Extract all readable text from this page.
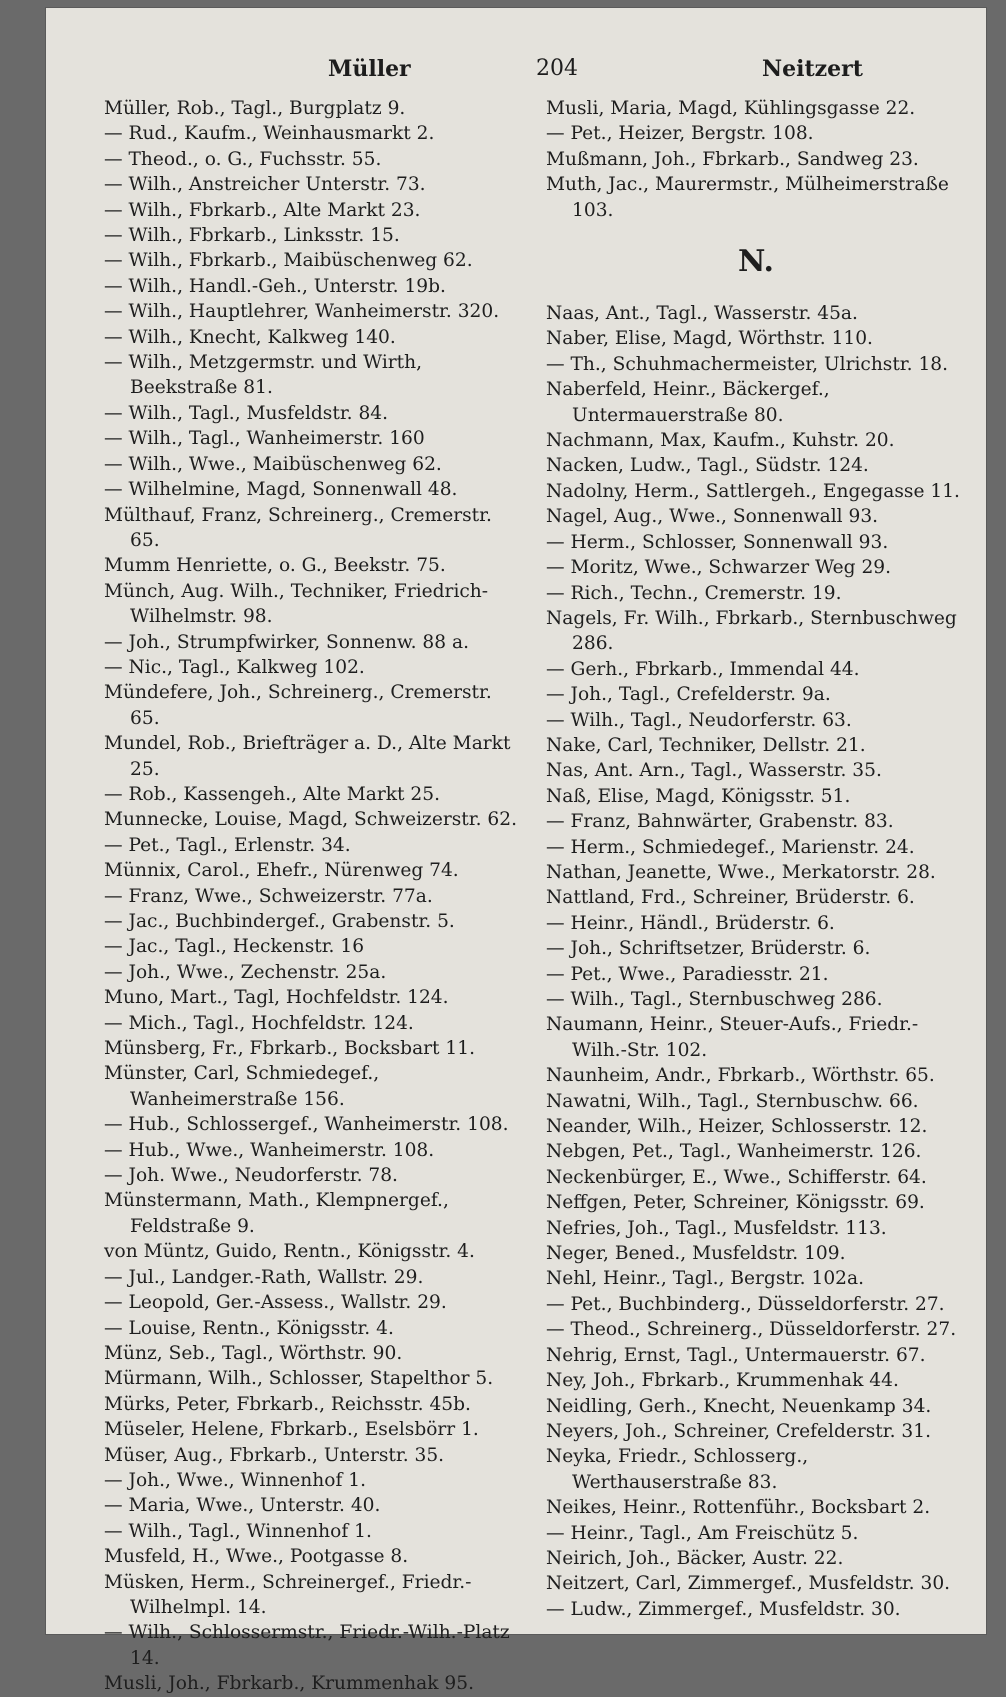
Müller	204	Neitzert

Müller, Rob., Tagl., Burgplatz 9.

— Rud., Kaufm., Weinhausmarkt 2.

— Theod., o. G., Fuchsstr. 55.

— Wilh., Anstreicher Unterstr. 73.

— Wilh., Fbrkarb., Alte Markt 23.

— Wilh., Fbrkarb., Linksstr. 15.

— Wilh., Fbrkarb., Maibüschenweg 62.

— Wilh., Handl.-Geh., Unterstr. 19b.

— Wilh., Hauptlehrer, Wanheimerstr. 320.

— Wilh., Knecht, Kalkweg 140.

— Wilh., Metzgermstr. und Wirth, Beekstraße 81.

— Wilh., Tagl., Musfeldstr. 84.

— Wilh., Tagl., Wanheimerstr. 160

— Wilh., Wwe., Maibüschenweg 62.

— Wilhelmine, Magd, Sonnenwall 48.

Mülthauf, Franz, Schreinerg., Cremerstr. 65.

Mumm Henriette, o. G., Beekstr. 75.

Münch, Aug. Wilh., Techniker, Friedrich-Wilhelmstr. 98.

— Joh., Strumpfwirker, Sonnenw. 88 a.

— Nic., Tagl., Kalkweg 102.

Mündefere, Joh., Schreinerg., Cremerstr. 65.

Mundel, Rob., Briefträger a. D., Alte Markt 25.

— Rob., Kassengeh., Alte Markt 25.

Munnecke, Louise, Magd, Schweizerstr. 62.

— Pet., Tagl., Erlenstr. 34.

Münnix, Carol., Ehefr., Nürenweg 74.

— Franz, Wwe., Schweizerstr. 77a.

— Jac., Buchbindergef., Grabenstr. 5.

— Jac., Tagl., Heckenstr. 16

— Joh., Wwe., Zechenstr. 25a.

Muno, Mart., Tagl, Hochfeldstr. 124.

— Mich., Tagl., Hochfeldstr. 124.

Münsberg, Fr., Fbrkarb., Bocksbart 11.

Münster, Carl, Schmiedegef., Wanheimerstraße 156.

— Hub., Schlossergef., Wanheimerstr. 108.

— Hub., Wwe., Wanheimerstr. 108.

— Joh. Wwe., Neudorferstr. 78.

Münstermann, Math., Klempnergef., Feldstraße 9.

von Müntz, Guido, Rentn., Königsstr. 4.

— Jul., Landger.-Rath, Wallstr. 29.

— Leopold, Ger.-Assess., Wallstr. 29.

— Louise, Rentn., Königsstr. 4.

Münz, Seb., Tagl., Wörthstr. 90.

Mürmann, Wilh., Schlosser, Stapelthor 5.

Mürks, Peter, Fbrkarb., Reichsstr. 45b.

Müseler, Helene, Fbrkarb., Eselsbörr 1.

Müser, Aug., Fbrkarb., Unterstr. 35.

— Joh., Wwe., Winnenhof 1.

— Maria, Wwe., Unterstr. 40.

— Wilh., Tagl., Winnenhof 1.

Musfeld, H., Wwe., Pootgasse 8.

Müsken, Herm., Schreinergef., Friedr.-Wilhelmpl. 14.

— Wilh., Schlossermstr., Friedr.-Wilh.-Platz 14.

Musli, Joh., Fbrkarb., Krummenhak 95.

Musli, Maria, Magd, Kühlingsgasse 22.

— Pet., Heizer, Bergstr. 108.

Mußmann, Joh., Fbrkarb., Sandweg 23.

Muth, Jac., Maurermstr., Mülheimerstraße 103.

N.

Naas, Ant., Tagl., Wasserstr. 45a.

Naber, Elise, Magd, Wörthstr. 110.

— Th., Schuhmachermeister, Ulrichstr. 18.

Naberfeld, Heinr., Bäckergef., Untermauerstraße 80.

Nachmann, Max, Kaufm., Kuhstr. 20.

Nacken, Ludw., Tagl., Südstr. 124.

Nadolny, Herm., Sattlergeh., Engegasse 11.

Nagel, Aug., Wwe., Sonnenwall 93.

— Herm., Schlosser, Sonnenwall 93.

— Moritz, Wwe., Schwarzer Weg 29.

— Rich., Techn., Cremerstr. 19.

Nagels, Fr. Wilh., Fbrkarb., Sternbuschweg 286.

— Gerh., Fbrkarb., Immendal 44.

— Joh., Tagl., Crefelderstr. 9a.

— Wilh., Tagl., Neudorferstr. 63.

Nake, Carl, Techniker, Dellstr. 21.

Nas, Ant. Arn., Tagl., Wasserstr. 35.

Naß, Elise, Magd, Königsstr. 51.

— Franz, Bahnwärter, Grabenstr. 83.

— Herm., Schmiedegef., Marienstr. 24.

Nathan, Jeanette, Wwe., Merkatorstr. 28.

Nattland, Frd., Schreiner, Brüderstr. 6.

— Heinr., Händl., Brüderstr. 6.

— Joh., Schriftsetzer, Brüderstr. 6.

— Pet., Wwe., Paradiesstr. 21.

— Wilh., Tagl., Sternbuschweg 286.

Naumann, Heinr., Steuer-Aufs., Friedr.-Wilh.-Str. 102.

Naunheim, Andr., Fbrkarb., Wörthstr. 65.

Nawatni, Wilh., Tagl., Sternbuschw. 66.

Neander, Wilh., Heizer, Schlosserstr. 12.

Nebgen, Pet., Tagl., Wanheimerstr. 126.

Neckenbürger, E., Wwe., Schifferstr. 64.

Neffgen, Peter, Schreiner, Königsstr. 69.

Nefries, Joh., Tagl., Musfeldstr. 113.

Neger, Bened., Musfeldstr. 109.

Nehl, Heinr., Tagl., Bergstr. 102a.

— Pet., Buchbinderg., Düsseldorferstr. 27.

— Theod., Schreinerg., Düsseldorferstr. 27.

Nehrig, Ernst, Tagl., Untermauerstr. 67.

Ney, Joh., Fbrkarb., Krummenhak 44.

Neidling, Gerh., Knecht, Neuenkamp 34.

Neyers, Joh., Schreiner, Crefelderstr. 31.

Neyka, Friedr., Schlosserg., Werthauserstraße 83.

Neikes, Heinr., Rottenführ., Bocksbart 2.

— Heinr., Tagl., Am Freischütz 5.

Neirich, Joh., Bäcker, Austr. 22.

Neitzert, Carl, Zimmergef., Musfeldstr. 30.

— Ludw., Zimmergef., Musfeldstr. 30.
